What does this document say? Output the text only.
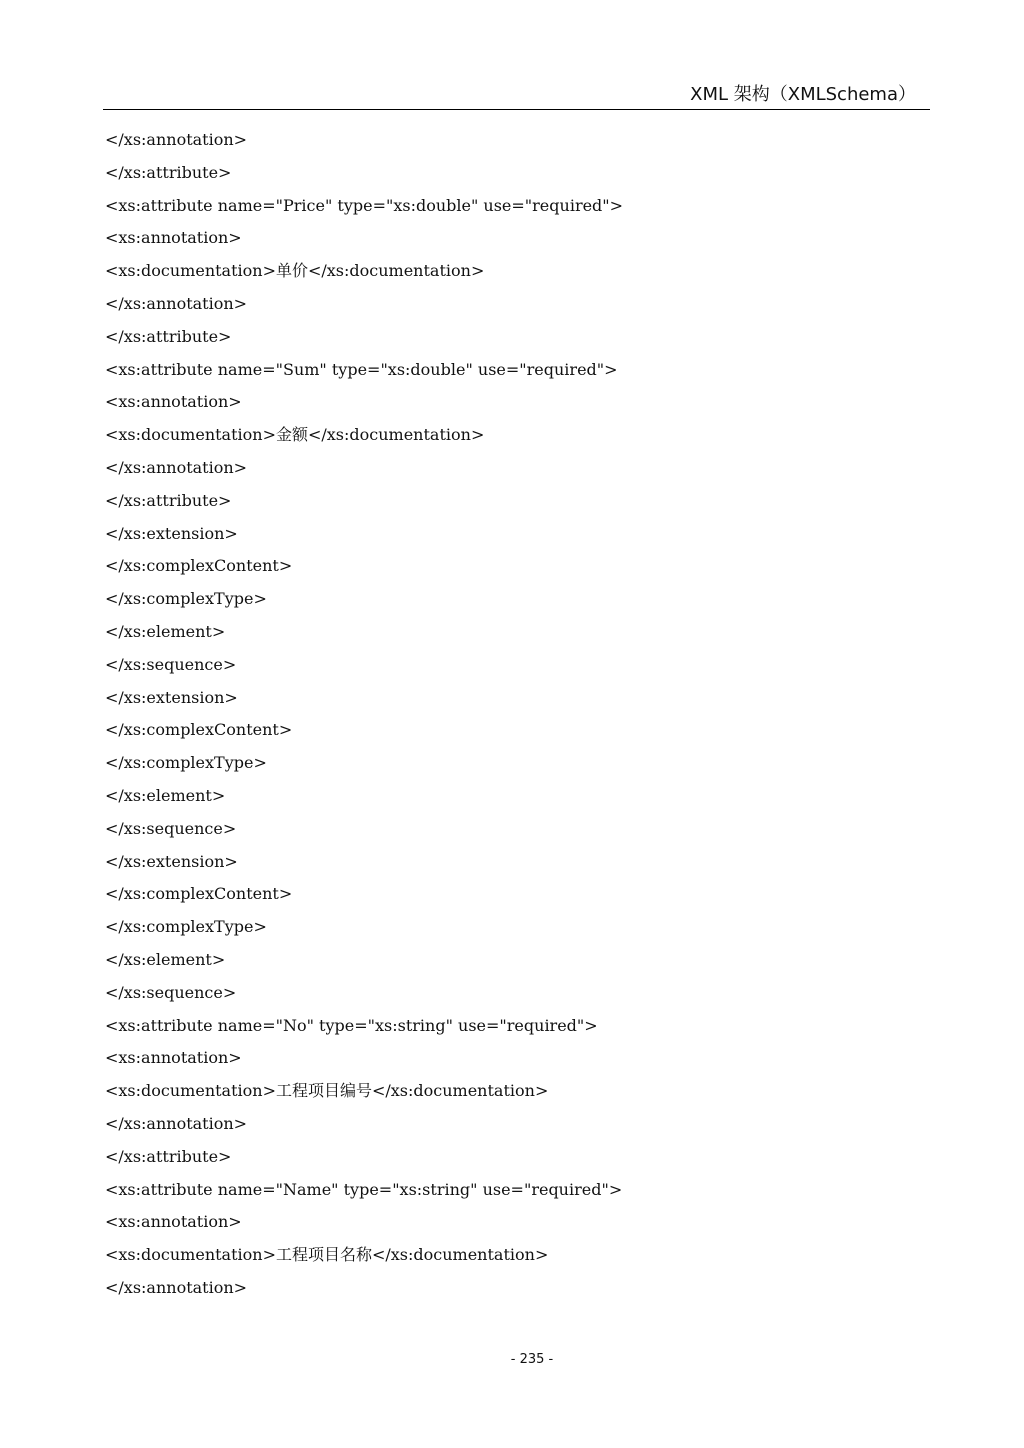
XML 架构（XMLSchema）
</xs:annotation>
</xs:attribute>
<xs:attribute name="Price" type="xs:double" use="required">
<xs:annotation>
<xs:documentation>单价</xs:documentation>
</xs:annotation>
</xs:attribute>
<xs:attribute name="Sum" type="xs:double" use="required">
<xs:annotation>
<xs:documentation>金额</xs:documentation>
</xs:annotation>
</xs:attribute>
</xs:extension>
</xs:complexContent>
</xs:complexType>
</xs:element>
</xs:sequence>
</xs:extension>
</xs:complexContent>
</xs:complexType>
</xs:element>
</xs:sequence>
</xs:extension>
</xs:complexContent>
</xs:complexType>
</xs:element>
</xs:sequence>
<xs:attribute name="No" type="xs:string" use="required">
<xs:annotation>
<xs:documentation>工程项目编号</xs:documentation>
</xs:annotation>
</xs:attribute>
<xs:attribute name="Name" type="xs:string" use="required">
<xs:annotation>
<xs:documentation>工程项目名称</xs:documentation>
</xs:annotation>
- 235 -
